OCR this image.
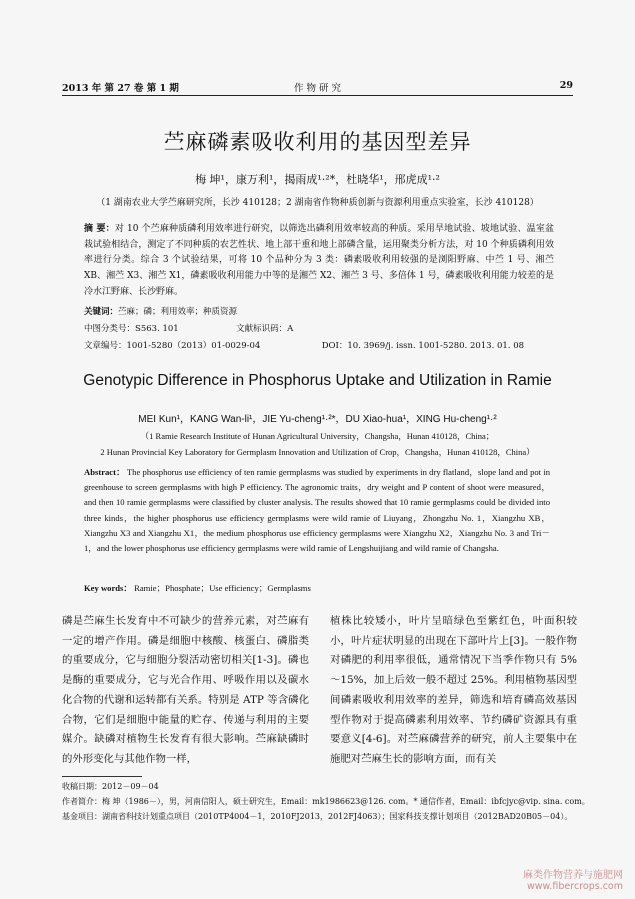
2013 年 第 27 卷 第 1 期	作 物 研 究	29
苎麻磷素吸收利用的基因型差异
梅 坤¹，康万利¹，揭雨成¹·²*，杜晓华¹，邢虎成¹·²
（1 湖南农业大学苎麻研究所，长沙 410128；2 湖南省作物种质创新与资源利用重点实验室，长沙 410128）
摘 要：对 10 个苎麻种质磷利用效率进行研究，以筛选出磷利用效率较高的种质。采用旱地试验、坡地试验、温室盆栽试验相结合，测定了不同种质的农艺性状、地上部干重和地上部磷含量，运用聚类分析方法，对 10 个种质磷利用效率进行分类。综合 3 个试验结果，可将 10 个品种分为 3 类：磷素吸收利用较强的是浏阳野麻、中苎 1 号、湘苎 XB、湘苎 X3、湘苎 X1，磷素吸收利用能力中等的是湘苎 X2、湘苎 3 号、多倍体 1 号，磷素吸收利用能力较差的是冷水江野麻、长沙野麻。
关键词：苎麻；磷；利用效率；种质资源
中图分类号：S563. 101	文献标识码：A
文章编号：1001-5280（2013）01-0029-04	DOI：10. 3969/j. issn. 1001-5280. 2013. 01. 08
Genotypic Difference in Phosphorus Uptake and Utilization in Ramie
MEI Kun¹，KANG Wan-li¹，JIE Yu-cheng¹·²*，DU Xiao-hua¹，XING Hu-cheng¹·²
（1 Ramie Research Institute of Hunan Agricultural University，Changsha，Hunan 410128，China；
2 Hunan Provincial Key Laboratory for Germplasm Innovation and Utilization of Crop，Changsha，Hunan 410128，China）
Abstract： The phosphorus use efficiency of ten ramie germplasms was studied by experiments in dry flatland，slope land and pot in greenhouse to screen germplasms with high P efficiency. The agronomic traits，dry weight and P content of shoot were measured，and then 10 ramie germplasms were classified by cluster analysis. The results showed that 10 ramie germplasms could be divided into three kinds，the higher phosphorus use efficiency germplasms were wild ramie of Liuyang，Zhongzhu No. 1，Xiangzhu XB，Xiangzhu X3 and Xiangzhu X1，the medium phosphorus use efficiency germplasms were Xiangzhu X2，Xiangzhu No. 3 and Tri－1，and the lower phosphorus use efficiency germplasms were wild ramie of Lengshuijiang and wild ramie of Changsha.
Key words： Ramie；Phosphate；Use efficiency；Germplasms
磷是苎麻生长发育中不可缺少的营养元素，对苎麻有一定的增产作用。磷是细胞中核酸、核蛋白、磷脂类的重要成分，它与细胞分裂活动密切相关[1-3]。磷也是酶的重要成分，它与光合作用、呼吸作用以及碳水化合物的代谢和运转都有关系。特别是 ATP 等含磷化合物，它们是细胞中能量的贮存、传递与利用的主要媒介。缺磷对植物生长发育有很大影响。苎麻缺磷时的外形变化与其他作物一样，
植株比较矮小，叶片呈暗绿色至紫红色，叶面积较小，叶片症状明显的出现在下部叶片上[3]。一般作物对磷肥的利用率很低，通常情况下当季作物只有 5%～15%，加上后效一般不超过 25%。利用植物基因型间磷素吸收利用效率的差异，筛选和培育磷高效基因型作物对于提高磷素利用效率、节约磷矿资源具有重要意义[4-6]。对苎麻磷营养的研究，前人主要集中在施肥对苎麻生长的影响方面，而有关
收稿日期：2012－09－04
作者简介：梅 坤（1986－），男，河南信阳人，硕士研究生，Email：mk1986623@126. com。* 通信作者，Email：ibfcjyc@vip. sina. com。
基金项目：湖南省科技计划重点项目（2010TP4004－1，2010FJ2013，2012FJ4063）；国家科技支撑计划项目（2012BAD20B05－04）。
麻类作物营养与施肥网
www.fibercrops.com
